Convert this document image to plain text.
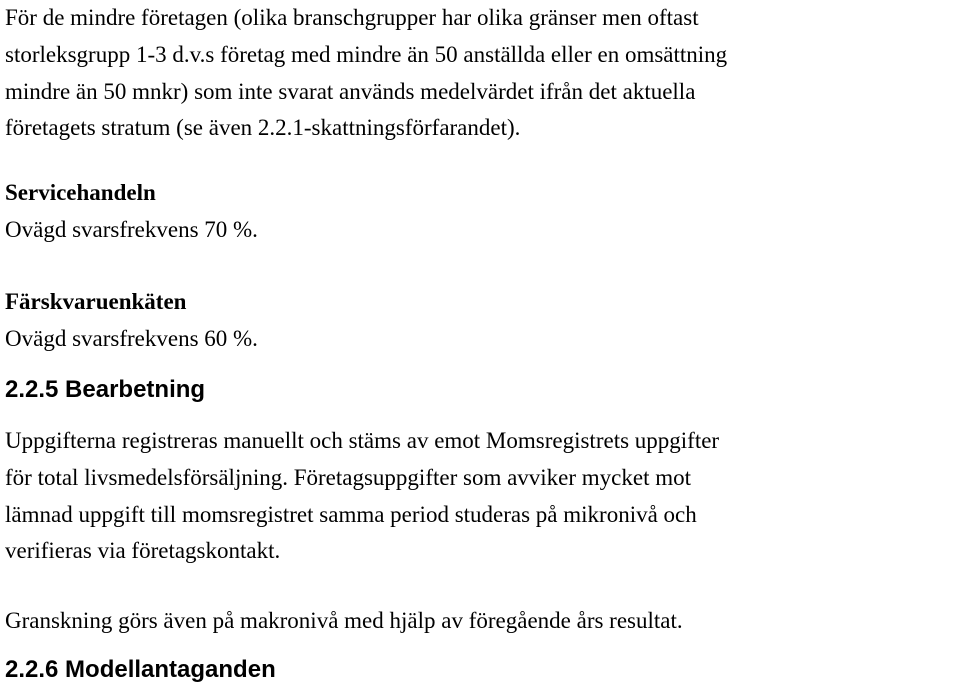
För de mindre företagen (olika branschgrupper har olika gränser men oftast
storleksgrupp 1-3 d.v.s företag med mindre än 50 anställda eller en omsättning
mindre än 50 mnkr) som inte svarat används medelvärdet ifrån det aktuella
företagets stratum (se även 2.2.1-skattningsförfarandet).

Servicehandeln

Ovägd svarsfrekvens 70 %.

Färskvaruenkäten

Ovägd svarsfrekvens 60 %.

2.2.5 Bearbetning

Uppgifterna registreras manuellt och stäms av emot Momsregistrets uppgifter
för total livsmedelsförsäljning. Företagsuppgifter som avviker mycket mot
lämnad uppgift till momsregistret samma period studeras på mikronivå och
verifieras via företagskontakt.

Granskning görs även på makronivå med hjälp av föregående års resultat.

2.2.6 Modellantaganden
